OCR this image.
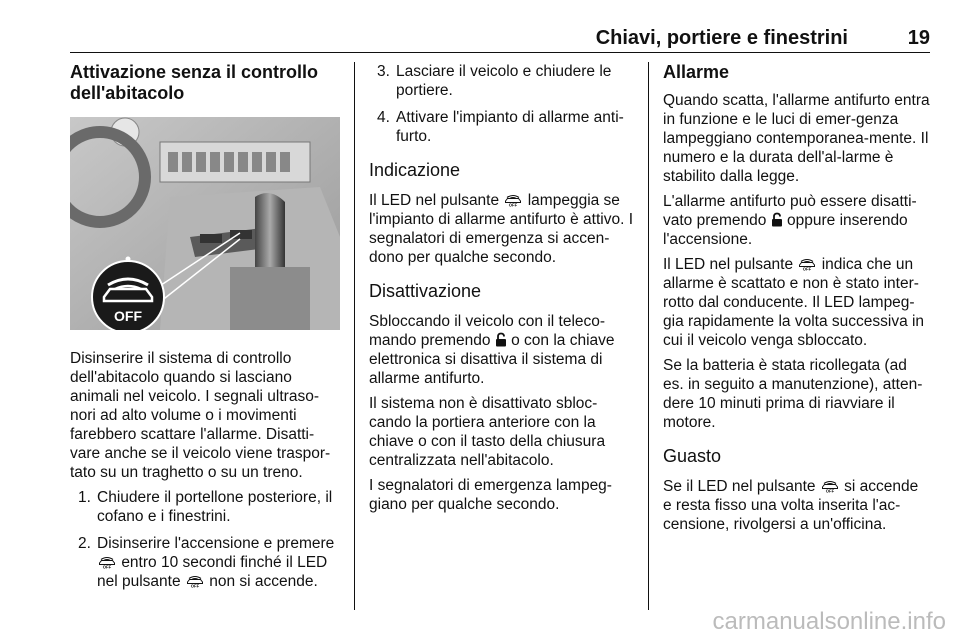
Chiavi, portiere e finestrini	19
Attivazione senza il controllo dell'abitacolo
OFF

Disinserire il sistema di controllo dell'abitacolo quando si lasciano animali nel veicolo. I segnali ultraso-nori ad alto volume o i movimenti farebbero scattare l'allarme. Disatti-vare anche se il veicolo viene traspor-tato su un traghetto o su un treno.

1. Chiudere il portellone posteriore, il cofano e i finestrini.
2. Disinserire l'accensione e premere
entro 10 secondi finché il LED nel pulsante non si accende.
3. Lasciare il veicolo e chiudere le portiere.
4. Attivare l'impianto di allarme anti-furto.
Indicazione

Il LED nel pulsante lampeggia se l'impianto di allarme antifurto è attivo. I segnalatori di emergenza si accen-dono per qualche secondo.

Disattivazione

Sbloccando il veicolo con il teleco-mando premendo o con la chiave elettronica si disattiva il sistema di allarme antifurto.

Il sistema non è disattivato sbloc-cando la portiera anteriore con la chiave o con il tasto della chiusura centralizzata nell'abitacolo.

I segnalatori di emergenza lampeg-giano per qualche secondo.

Allarme

Quando scatta, l'allarme antifurto entra in funzione e le luci di emer-genza lampeggiano contemporanea-mente. Il numero e la durata dell'al-larme è stabilito dalla legge.

L'allarme antifurto può essere disatti-vato premendo oppure inserendo l'accensione.

Il LED nel pulsante indica che un allarme è scattato e non è stato inter-rotto dal conducente. Il LED lampeg-gia rapidamente la volta successiva in cui il veicolo venga sbloccato.

Se la batteria è stata ricollegata (ad es. in seguito a manutenzione), atten-dere 10 minuti prima di riavviare il motore.

Guasto

Se il LED nel pulsante si accende e resta fisso una volta inserita l'ac-censione, rivolgersi a un'officina.

carmanualsonline.info
